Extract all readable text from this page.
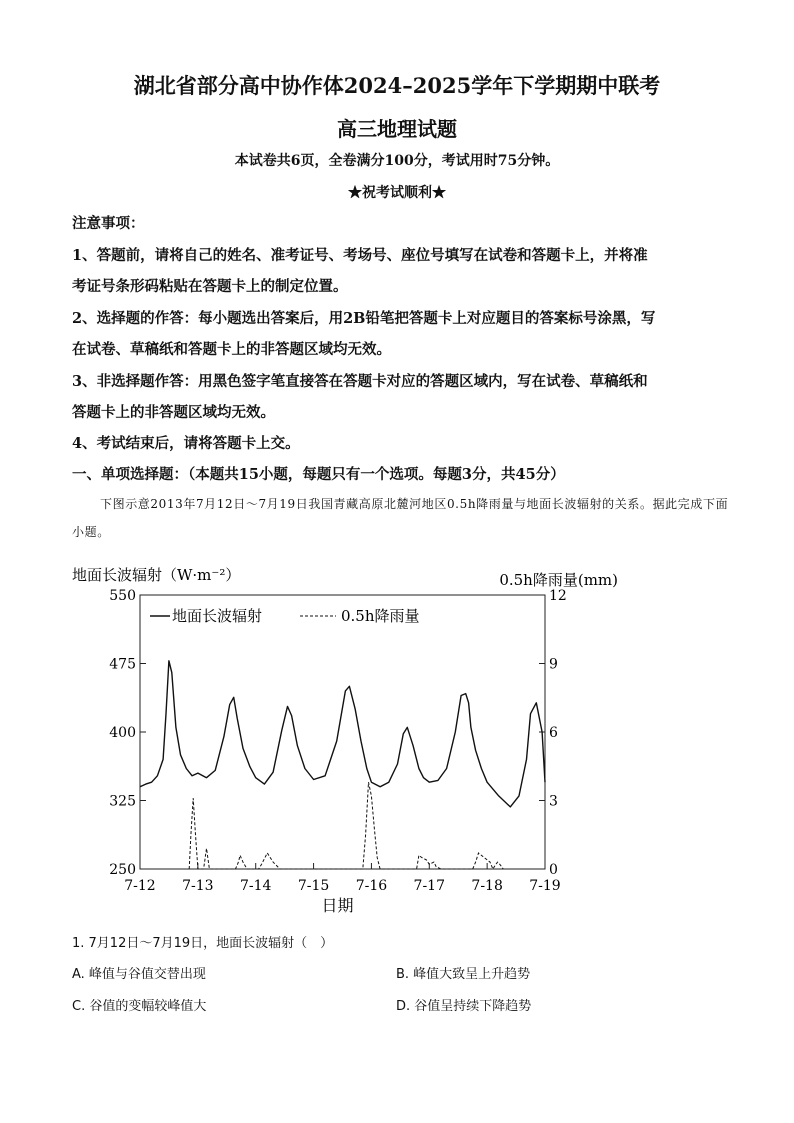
湖北省部分高中协作体2024–2025学年下学期期中联考
高三地理试题
本试卷共6页，全卷满分100分，考试用时75分钟。
★祝考试顺利★
注意事项：
1、答题前，请将自己的姓名、准考证号、考场号、座位号填写在试卷和答题卡上，并将准
考证号条形码粘贴在答题卡上的制定位置。
2、选择题的作答：每小题选出答案后，用2B铅笔把答题卡上对应题目的答案标号涂黑，写
在试卷、草稿纸和答题卡上的非答题区域均无效。
3、非选择题作答：用黑色签字笔直接答在答题卡对应的答题区域内，写在试卷、草稿纸和
答题卡上的非答题区域均无效。
4、考试结束后，请将答题卡上交。
一、单项选择题：（本题共15小题，每题只有一个选项。每题3分，共45分）
下图示意2013年7月12日～7月19日我国青藏高原北麓河地区0.5h降雨量与地面长波辐射的关系。据此完成下面小题。
250
325
400
475
550
0
3
6
9
12
7-12 7-13 7-14 7-15 7-16 7-17 7-18 7-19
地面长波辐射（W·m⁻²）	0.5h降雨量(mm)
日期
地面长波辐射	0.5h降雨量
1. 7月12日～7月19日，地面长波辐射（　）
A. 峰值与谷值交替出现	B. 峰值大致呈上升趋势
C. 谷值的变幅较峰值大	D. 谷值呈持续下降趋势
